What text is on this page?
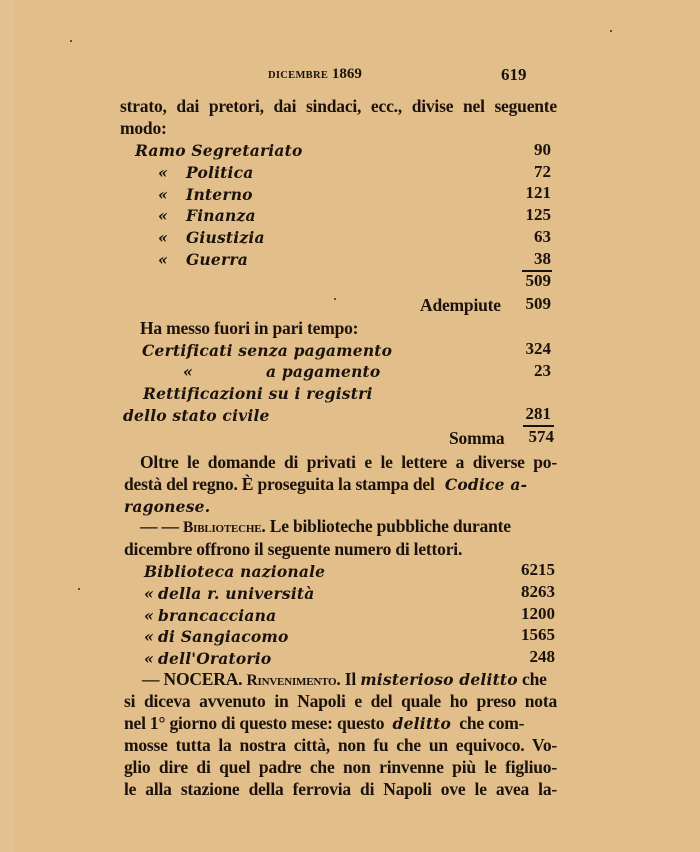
DICEMBRE 1869	619
strato, dai pretori, dai sindaci, ecc., divise nel seguente
modo:
Ramo Segretariato	90
« Politica	72
« Interno	121
« Finanza	125
« Giustizia	63
« Guerra	38
509
Adempiute	509
Ha messo fuori in pari tempo:
Certificati senza pagamento	324
«	a pagamento	23
Rettificazioni su i registri
dello stato civile	281
Somma	574
Oltre le domande di privati e le lettere a diverse po-
destà del regno. È proseguita la stampa del Codice a-
ragonese.
— — Biblioteche. Le biblioteche pubbliche durante
dicembre offrono il seguente numero di lettori.
Biblioteca nazionale	6215
« della r. università	8263
« brancacciana	1200
« di Sangiacomo	1565
« dell'Oratorio	248
— NOCERA. Rinvenimento. Il misterioso delitto che
si diceva avvenuto in Napoli e del quale ho preso nota
nel 1° giorno di questo mese: questo delitto che com-
mosse tutta la nostra città, non fu che un equivoco. Vo-
glio dire di quel padre che non rinvenne più le figliuo-
le alla stazione della ferrovia di Napoli ove le avea la-
